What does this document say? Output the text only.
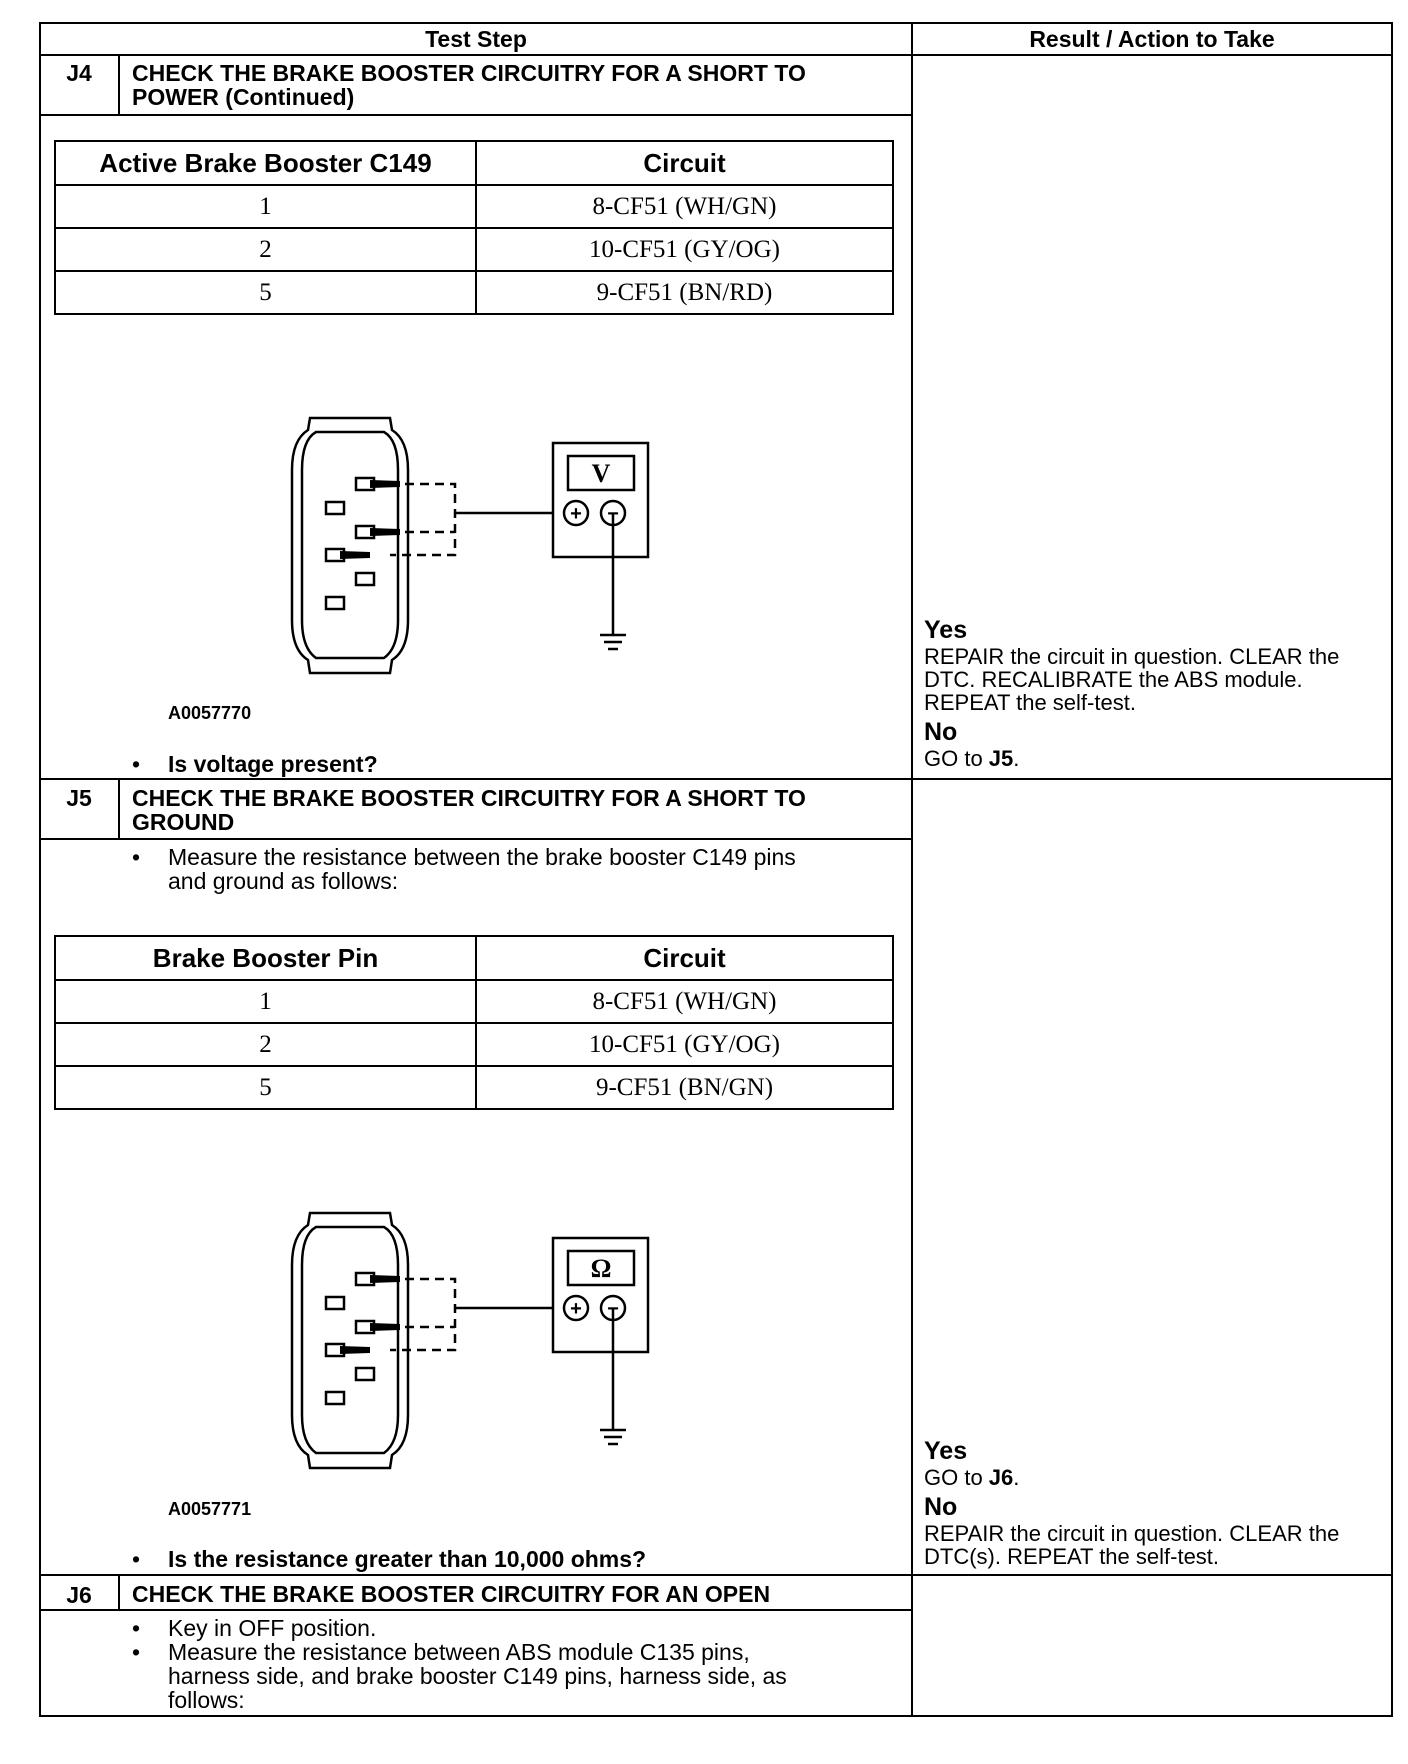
Test Step	Result / Action to Take
J4	CHECK THE BRAKE BOOSTER CIRCUITRY FOR A SHORT TO
POWER (Continued)
Active Brake Booster C149	Circuit
1	8-CF51 (WH/GN)
2	10-CF51 (GY/OG)
5	9-CF51 (BN/RD)
V
+ −
A0057770
• Is voltage present?
Yes
REPAIR the circuit in question. CLEAR the
DTC. RECALIBRATE the ABS module.
REPEAT the self-test.
No
GO to J5.
J5	CHECK THE BRAKE BOOSTER CIRCUITRY FOR A SHORT TO
GROUND
• Measure the resistance between the brake booster C149 pins
and ground as follows:
Brake Booster Pin	Circuit
1	8-CF51 (WH/GN)
2	10-CF51 (GY/OG)
5	9-CF51 (BN/GN)
Ω
+ −
A0057771
• Is the resistance greater than 10,000 ohms?
Yes
GO to J6.
No
REPAIR the circuit in question. CLEAR the
DTC(s). REPEAT the self-test.
J6	CHECK THE BRAKE BOOSTER CIRCUITRY FOR AN OPEN
• Key in OFF position.
• Measure the resistance between ABS module C135 pins,
harness side, and brake booster C149 pins, harness side, as
follows:
